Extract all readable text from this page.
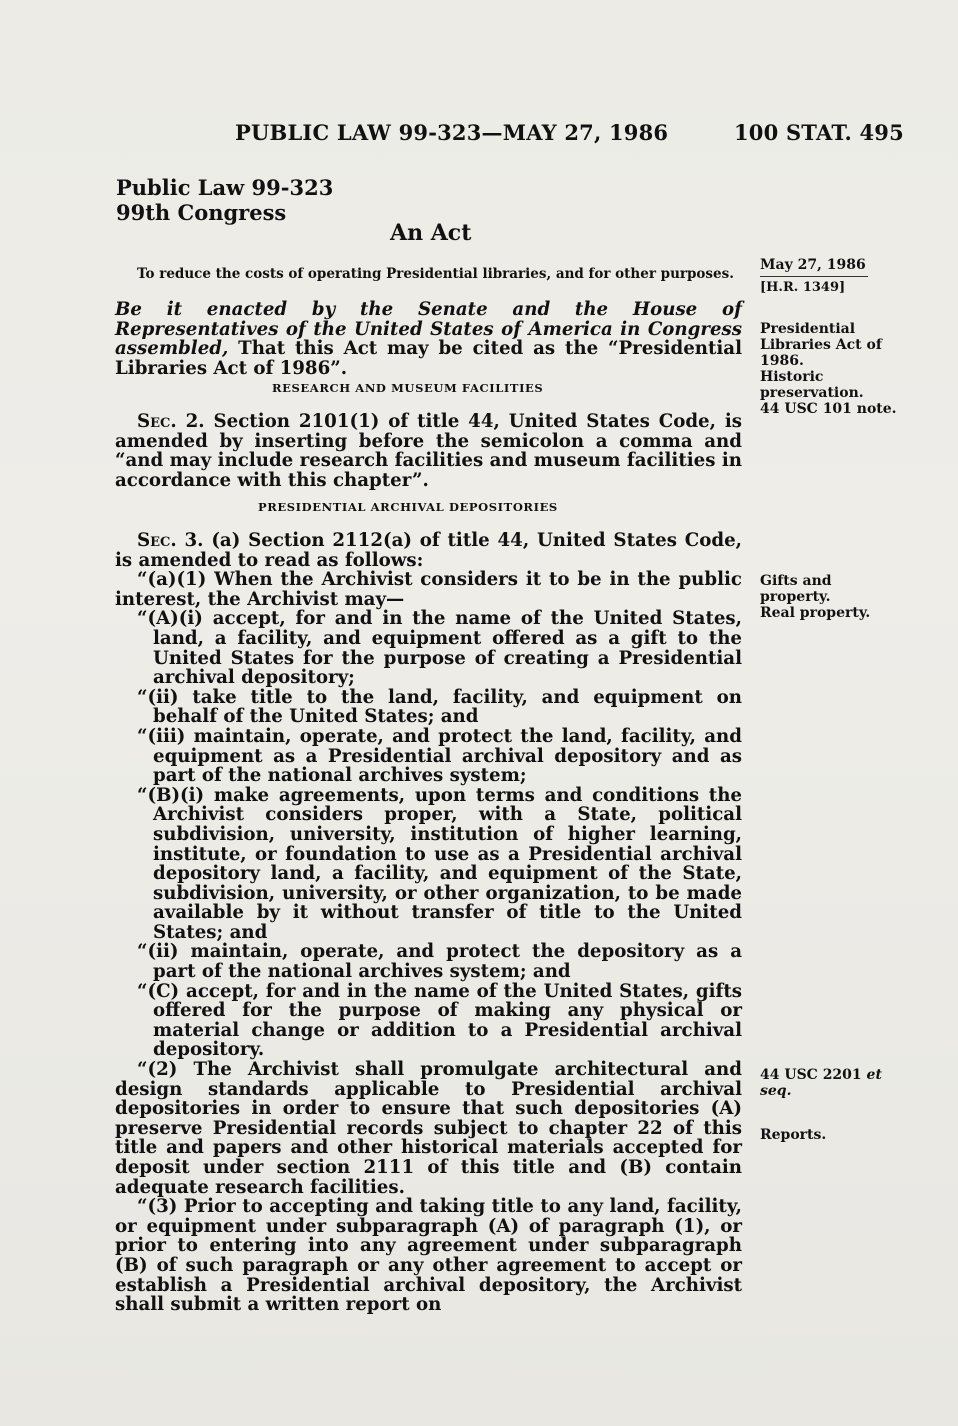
PUBLIC LAW 99-323—MAY 27, 1986	100 STAT. 495
Public Law 99-323
99th Congress
An Act
To reduce the costs of operating Presidential libraries, and for other purposes.
Be it enacted by the Senate and the House of Representatives of the United States of America in Congress assembled, That this Act may be cited as the “Presidential Libraries Act of 1986”.
RESEARCH AND MUSEUM FACILITIES
Sec. 2. Section 2101(1) of title 44, United States Code, is amended by inserting before the semicolon a comma and “and may include research facilities and museum facilities in accordance with this chapter”.
PRESIDENTIAL ARCHIVAL DEPOSITORIES

Sec. 3. (a) Section 2112(a) of title 44, United States Code, is amended to read as follows:

“(a)(1) When the Archivist considers it to be in the public interest, the Archivist may—

“(A)(i) accept, for and in the name of the United States, land, a facility, and equipment offered as a gift to the United States for the purpose of creating a Presidential archival depository;

“(ii) take title to the land, facility, and equipment on behalf of the United States; and

“(iii) maintain, operate, and protect the land, facility, and equipment as a Presidential archival depository and as part of the national archives system;

“(B)(i) make agreements, upon terms and conditions the Archivist considers proper, with a State, political subdivision, university, institution of higher learning, institute, or foundation to use as a Presidential archival depository land, a facility, and equipment of the State, subdivision, university, or other organization, to be made available by it without transfer of title to the United States; and

“(ii) maintain, operate, and protect the depository as a part of the national archives system; and

“(C) accept, for and in the name of the United States, gifts offered for the purpose of making any physical or material change or addition to a Presidential archival depository.

“(2) The Archivist shall promulgate architectural and design standards applicable to Presidential archival depositories in order to ensure that such depositories (A) preserve Presidential records subject to chapter 22 of this title and papers and other historical materials accepted for deposit under section 2111 of this title and (B) contain adequate research facilities.

“(3) Prior to accepting and taking title to any land, facility, or equipment under subparagraph (A) of paragraph (1), or prior to entering into any agreement under subparagraph (B) of such paragraph or any other agreement to accept or establish a Presidential archival depository, the Archivist shall submit a written report on

May 27, 1986
[H.R. 1349]
Presidential
Libraries Act of
1986.
Historic
preservation.
44 USC 101 note.
Gifts and
property.
Real property.
44 USC 2201 et
seq.
Reports.
